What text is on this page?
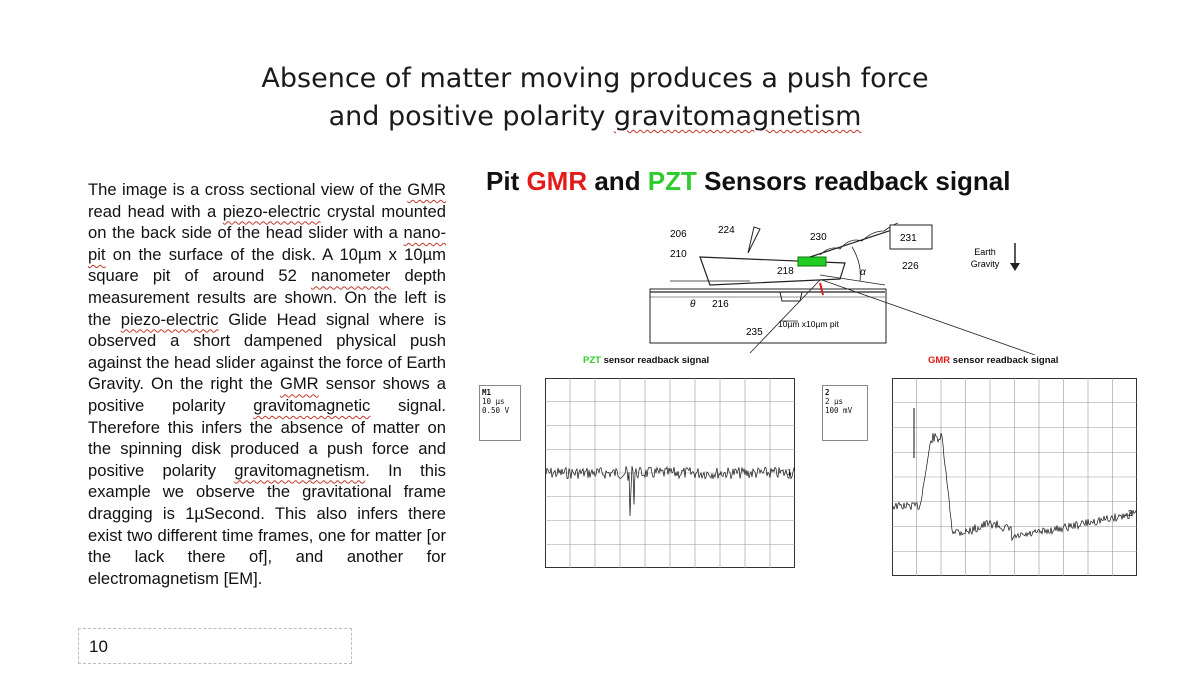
Absence of matter moving produces a push force
and positive polarity gravitomagnetism
The image is a cross sectional view of the GMR read head with a piezo-electric crystal mounted on the back side of the head slider with a nano-pit on the surface of the disk. A 10µm x 10µm square pit of around 52 nanometer depth measurement results are shown. On the left is the piezo-electric Glide Head signal where is observed a short dampened physical push against the head slider against the force of Earth Gravity. On the right the GMR sensor shows a positive polarity gravitomagnetic signal. Therefore this infers the absence of matter on the spinning disk produced a push force and positive polarity gravitomagnetism. In this example we observe the gravitational frame dragging is 1µSecond. This also infers there exist two different time frames, one for matter [or the lack there of], and another for electromagnetism [EM].
10
Pit GMR and PZT Sensors readback signal
206
210
224
230	231
226
218
216
235
θ
α
10µm x10µm pit
Earth
Gravity
PZT sensor readback signal	GMR sensor readback signal
M1
10 µs
0.50 V
2
2 µs
100 mV
1
2
